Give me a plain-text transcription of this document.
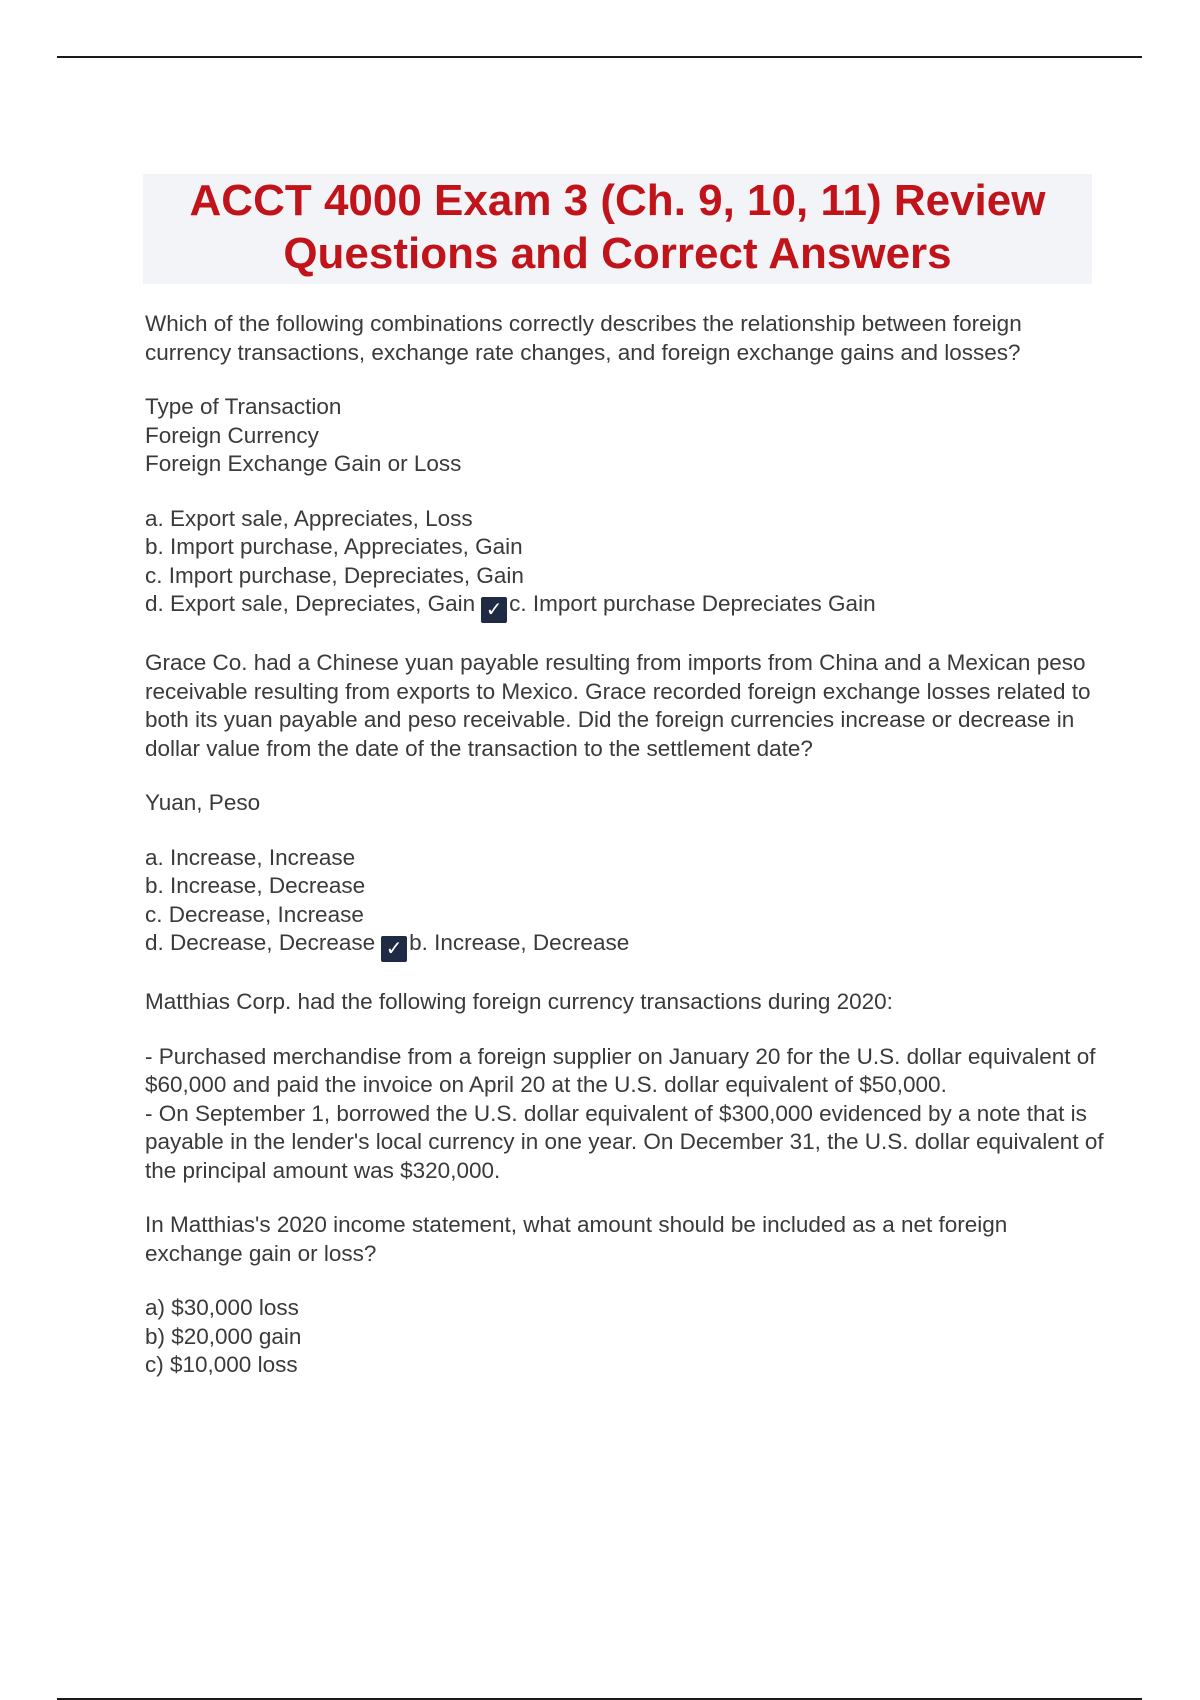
ACCT 4000 Exam 3 (Ch. 9, 10, 11) Review
Questions and Correct Answers

Which of the following combinations correctly describes the relationship between foreign currency transactions, exchange rate changes, and foreign exchange gains and losses?

Type of Transaction

Foreign Currency

Foreign Exchange Gain or Loss

a. Export sale, Appreciates, Loss

b. Import purchase, Appreciates, Gain

c. Import purchase, Depreciates, Gain

d. Export sale, Depreciates, Gain ✓ c. Import purchase Depreciates Gain

Grace Co. had a Chinese yuan payable resulting from imports from China and a Mexican peso receivable resulting from exports to Mexico. Grace recorded foreign exchange losses related to both its yuan payable and peso receivable. Did the foreign currencies increase or decrease in dollar value from the date of the transaction to the settlement date?

Yuan, Peso

a. Increase, Increase

b. Increase, Decrease

c. Decrease, Increase

d. Decrease, Decrease ✓ b. Increase, Decrease

Matthias Corp. had the following foreign currency transactions during 2020:

- Purchased merchandise from a foreign supplier on January 20 for the U.S. dollar equivalent of $60,000 and paid the invoice on April 20 at the U.S. dollar equivalent of $50,000.

- On September 1, borrowed the U.S. dollar equivalent of $300,000 evidenced by a note that is payable in the lender's local currency in one year. On December 31, the U.S. dollar equivalent of the principal amount was $320,000.

In Matthias's 2020 income statement, what amount should be included as a net foreign exchange gain or loss?

a) $30,000 loss

b) $20,000 gain

c) $10,000 loss
